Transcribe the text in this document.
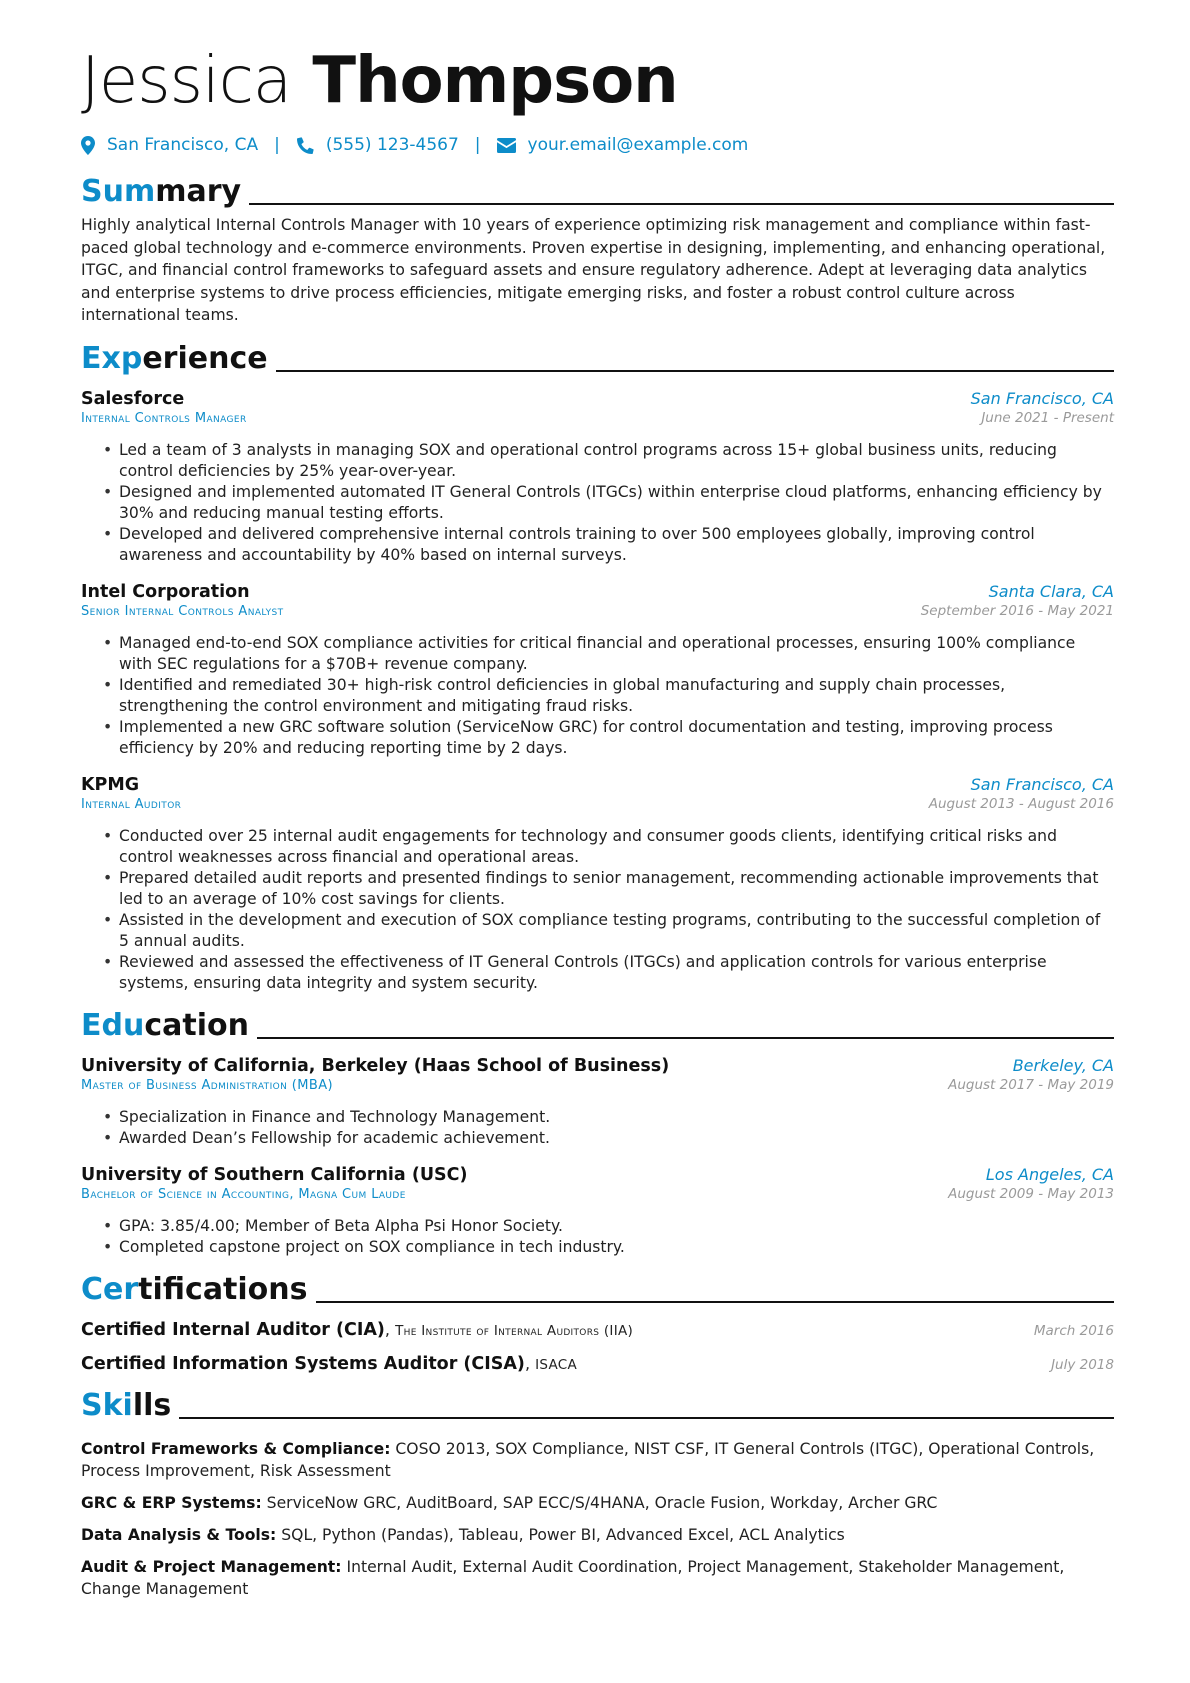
Jessica Thompson
San Francisco, CA |	(555) 123-4567 |	your.email@example.com
Summary

Highly analytical Internal Controls Manager with 10 years of experience optimizing risk management and compliance within fast-paced global technology and e-commerce environments. Proven expertise in designing, implementing, and enhancing operational, ITGC, and financial control frameworks to safeguard assets and ensure regulatory adherence. Adept at leveraging data analytics and enterprise systems to drive process efficiencies, mitigate emerging risks, and foster a robust control culture across international teams.

Experience
Salesforce	San Francisco, CA
Internal Controls Manager	June 2021 - Present
• Led a team of 3 analysts in managing SOX and operational control programs across 15+ global business units, reducing control deficiencies by 25% year-over-year.
• Designed and implemented automated IT General Controls (ITGCs) within enterprise cloud platforms, enhancing efficiency by 30% and reducing manual testing efforts.
• Developed and delivered comprehensive internal controls training to over 500 employees globally, improving control awareness and accountability by 40% based on internal surveys.
Intel Corporation	Santa Clara, CA
Senior Internal Controls Analyst	September 2016 - May 2021
• Managed end-to-end SOX compliance activities for critical financial and operational processes, ensuring 100% compliance with SEC regulations for a $70B+ revenue company.
• Identified and remediated 30+ high-risk control deficiencies in global manufacturing and supply chain processes, strengthening the control environment and mitigating fraud risks.
• Implemented a new GRC software solution (ServiceNow GRC) for control documentation and testing, improving process efficiency by 20% and reducing reporting time by 2 days.
KPMG	San Francisco, CA
Internal Auditor	August 2013 - August 2016
• Conducted over 25 internal audit engagements for technology and consumer goods clients, identifying critical risks and control weaknesses across financial and operational areas.
• Prepared detailed audit reports and presented findings to senior management, recommending actionable improvements that led to an average of 10% cost savings for clients.
• Assisted in the development and execution of SOX compliance testing programs, contributing to the successful completion of 5 annual audits.
• Reviewed and assessed the effectiveness of IT General Controls (ITGCs) and application controls for various enterprise systems, ensuring data integrity and system security.
Education
University of California, Berkeley (Haas School of Business)	Berkeley, CA
Master of Business Administration (MBA)	August 2017 - May 2019
• Specialization in Finance and Technology Management.
• Awarded Dean’s Fellowship for academic achievement.
University of Southern California (USC)	Los Angeles, CA
Bachelor of Science in Accounting, Magna Cum Laude	August 2009 - May 2013
• GPA: 3.85/4.00; Member of Beta Alpha Psi Honor Society.
• Completed capstone project on SOX compliance in tech industry.
Certifications
Certified Internal Auditor (CIA), The Institute of Internal Auditors (IIA)	March 2016
Certified Information Systems Auditor (CISA), ISACA	July 2018
Skills
Control Frameworks & Compliance: COSO 2013, SOX Compliance, NIST CSF, IT General Controls (ITGC), Operational Controls, Process Improvement, Risk Assessment
GRC & ERP Systems: ServiceNow GRC, AuditBoard, SAP ECC/S/4HANA, Oracle Fusion, Workday, Archer GRC
Data Analysis & Tools: SQL, Python (Pandas), Tableau, Power BI, Advanced Excel, ACL Analytics
Audit & Project Management: Internal Audit, External Audit Coordination, Project Management, Stakeholder Management, Change Management
